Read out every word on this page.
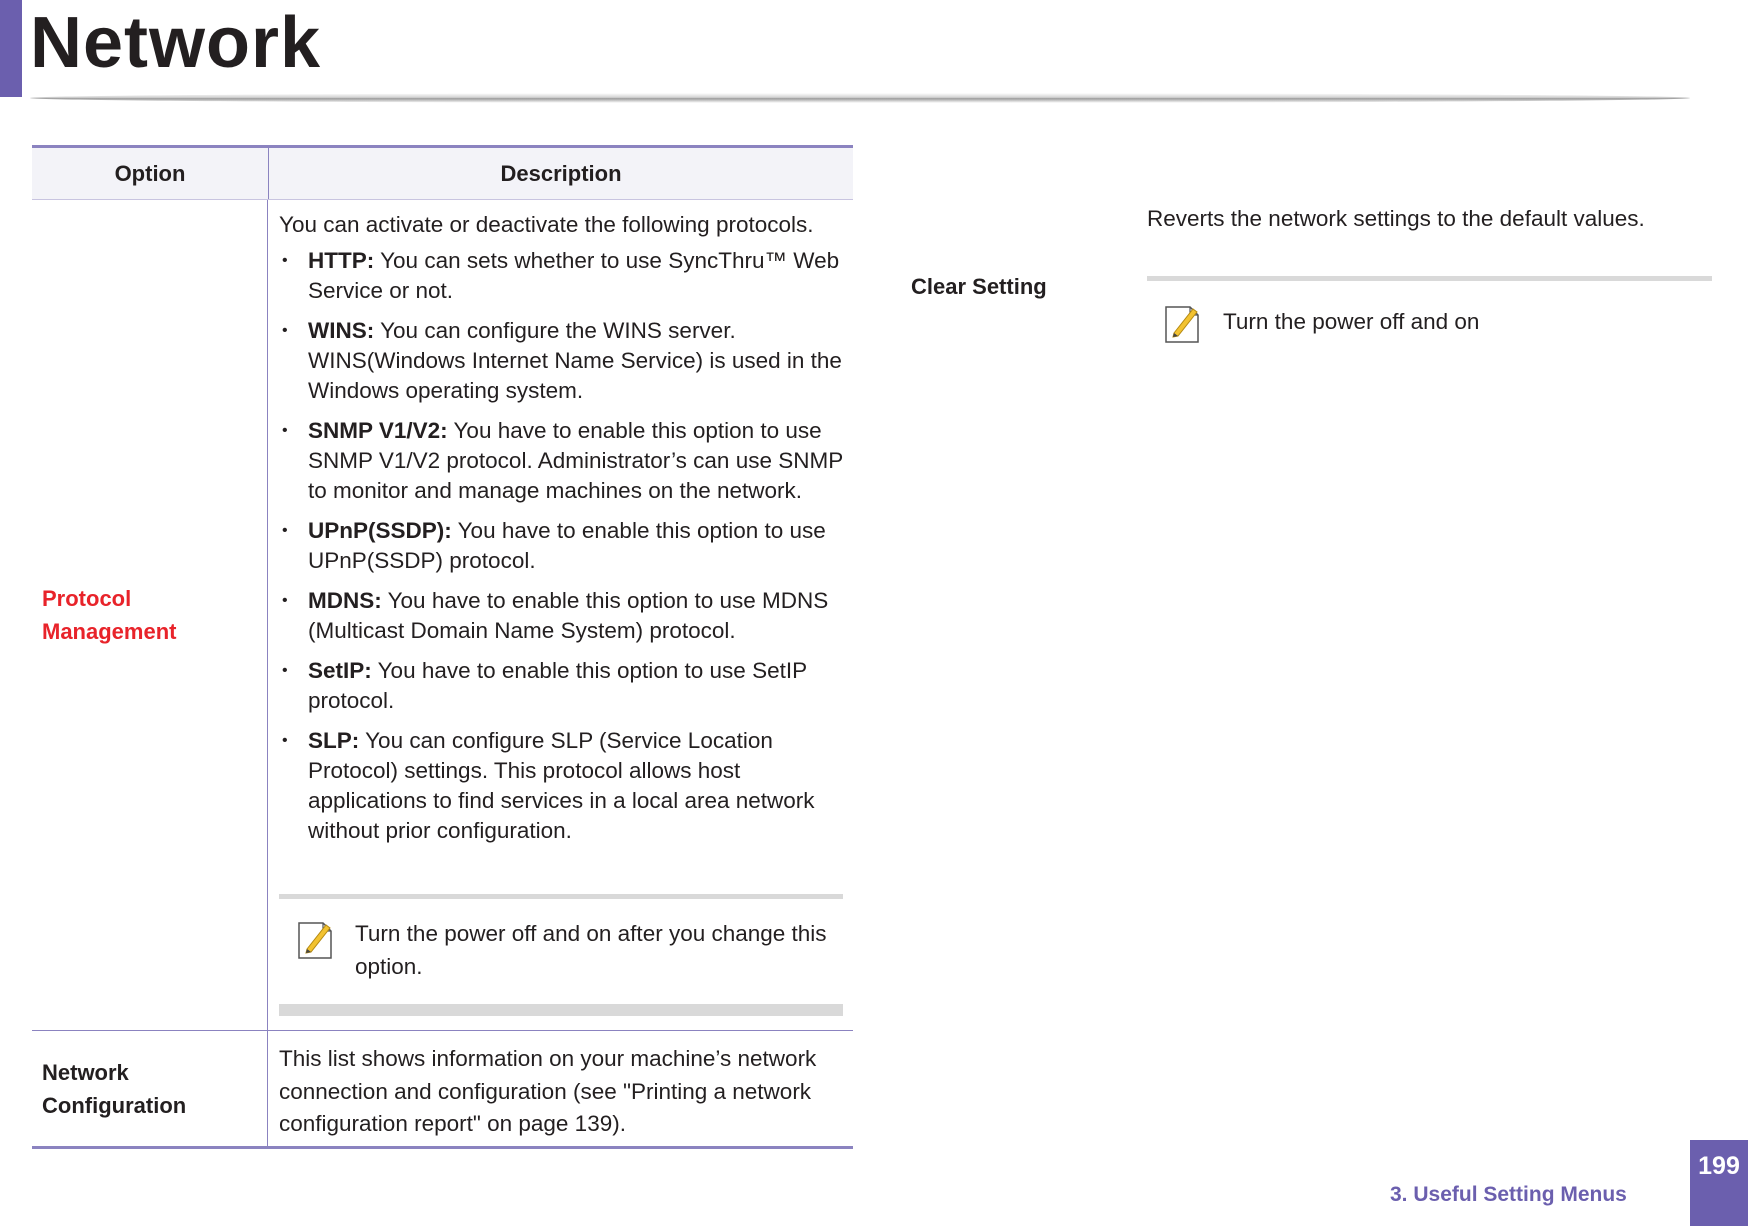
Network
Option	Description
Protocol Management
You can activate or deactivate the following protocols.
• HTTP: You can sets whether to use SyncThru™ Web Service or not.
• WINS: You can configure the WINS server. WINS(Windows Internet Name Service) is used in the Windows operating system.
• SNMP V1/V2: You have to enable this option to use SNMP V1/V2 protocol. Administrator’s can use SNMP to monitor and manage machines on the network.
• UPnP(SSDP): You have to enable this option to use UPnP(SSDP) protocol.
• MDNS: You have to enable this option to use MDNS (Multicast Domain Name System) protocol.
• SetIP: You have to enable this option to use SetIP protocol.
• SLP: You can configure SLP (Service Location Protocol) settings. This protocol allows host applications to find services in a local area network without prior configuration.
Turn the power off and on after you change this option.
Network Configuration
This list shows information on your machine’s network connection and configuration (see "Printing a network configuration report" on page 139).
Clear Setting
Reverts the network settings to the default values.
Turn the power off and on
3. Useful Setting Menus
199
